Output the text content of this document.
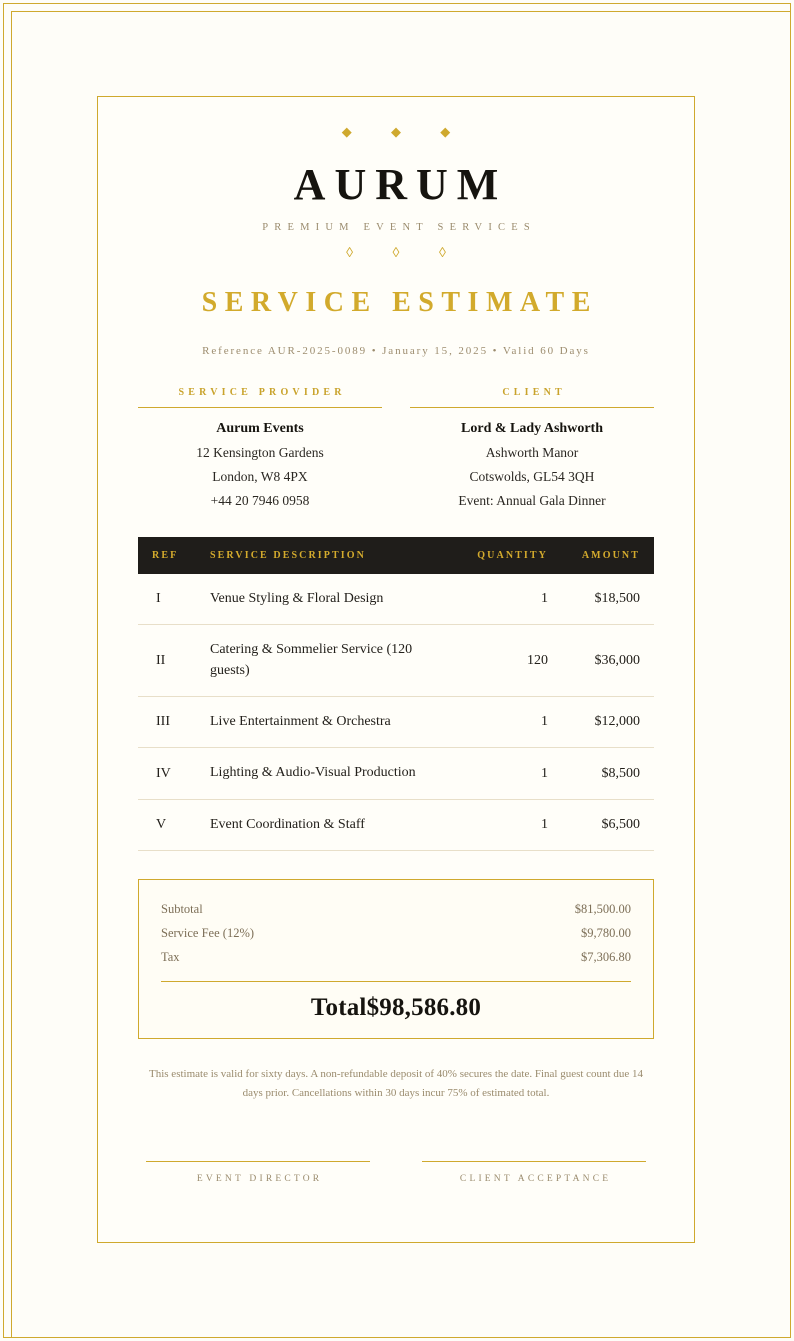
◆ ◆ ◆
AURUM
PREMIUM EVENT SERVICES
◊ ◊ ◊
SERVICE ESTIMATE
Reference AUR-2025-0089 • January 15, 2025 • Valid 60 Days
SERVICE PROVIDER
Aurum Events
12 Kensington Gardens
London, W8 4PX
+44 20 7946 0958
CLIENT
Lord & Lady Ashworth
Ashworth Manor
Cotswolds, GL54 3QH
Event: Annual Gala Dinner
REF	SERVICE DESCRIPTION	QUANTITY	AMOUNT
I	Venue Styling & Floral Design	1	$18,500
II	Catering & Sommelier Service (120 guests)	120	$36,000
III	Live Entertainment & Orchestra	1	$12,000
IV	Lighting & Audio-Visual Production	1	$8,500
V	Event Coordination & Staff	1	$6,500
Subtotal	$81,500.00
Service Fee (12%)	$9,780.00
Tax	$7,306.80
Total$98,586.80
This estimate is valid for sixty days. A non-refundable deposit of 40% secures the date. Final guest count due 14 days prior. Cancellations within 30 days incur 75% of estimated total.
EVENT DIRECTOR	CLIENT ACCEPTANCE
